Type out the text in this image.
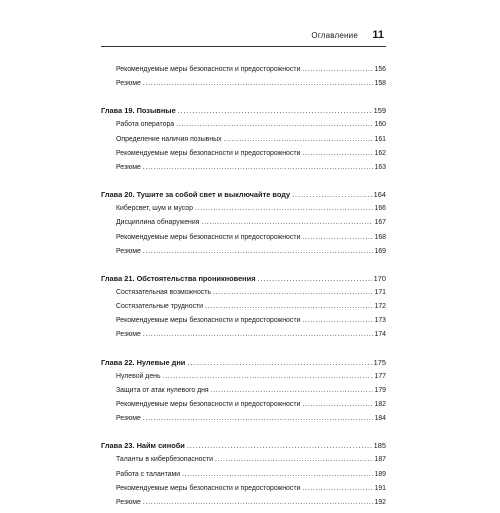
Оглавление 11
Рекомендуемые меры безопасности и предосторожности . . .	156
Резюме . . .	158
Глава 19. Позывные . . .	159
Работа оператора . . .	160
Определение наличия позывных . . .	161
Рекомендуемые меры безопасности и предосторожности . . .	162
Резюме . . .	163
Глава 20. Тушите за собой свет и выключайте воду . . .	164
Киберсвет, шум и мусор . . .	166
Дисциплина обнаружения . . .	167
Рекомендуемые меры безопасности и предосторожности . . .	168
Резюме . . .	169
Глава 21. Обстоятельства проникновения . . .	170
Состязательная возможность . . .	171
Состязательные трудности . . .	172
Рекомендуемые меры безопасности и предосторожности . . .	173
Резюме . . .	174
Глава 22. Нулевые дни . . .	175
Нулевой день . . .	177
Защита от атак нулевого дня . . .	179
Рекомендуемые меры безопасности и предосторожности . . .	182
Резюме . . .	184
Глава 23. Найм синоби . . .	185
Таланты в кибербезопасности . . .	187
Работа с талантами . . .	189
Рекомендуемые меры безопасности и предосторожности . . .	191
Резюме . . .	192
